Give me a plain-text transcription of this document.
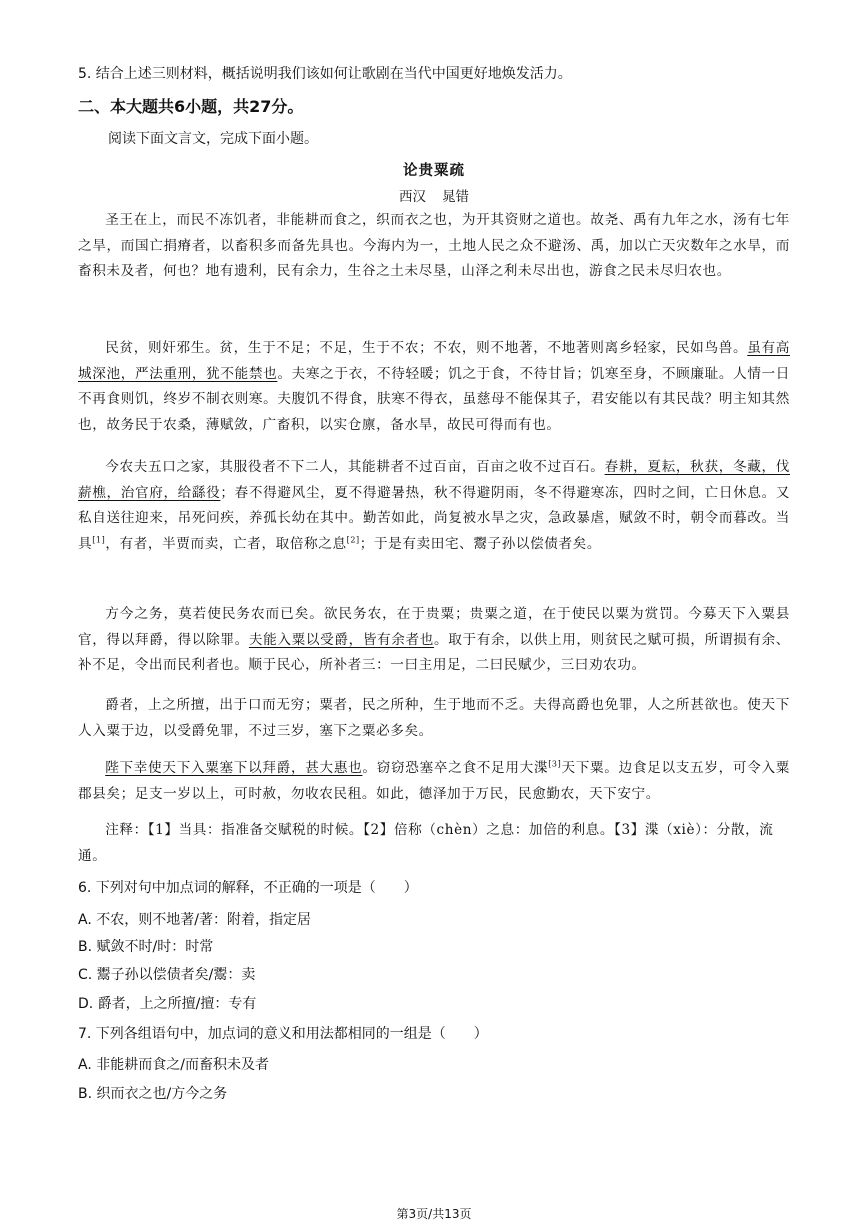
5. 结合上述三则材料，概括说明我们该如何让歌剧在当代中国更好地焕发活力。

二、本大题共6小题，共27分。

阅读下面文言文，完成下面小题。

论贵粟疏

西汉 晁错

圣王在上，而民不冻饥者，非能耕而食之，织而衣之也，为开其资财之道也。故尧、禹有九年之水，汤有七年之旱，而国亡捐瘠者，以畜积多而备先具也。今海内为一，土地人民之众不避汤、禹，加以亡天灾数年之水旱，而畜积未及者，何也？地有遗利，民有余力，生谷之土未尽垦，山泽之利未尽出也，游食之民未尽归农也。

民贫，则奸邪生。贫，生于不足；不足，生于不农；不农，则不地著，不地著则离乡轻家，民如鸟兽。虽有高城深池，严法重刑，犹不能禁也。夫寒之于衣，不待轻暖；饥之于食，不待甘旨；饥寒至身，不顾廉耻。人情一日不再食则饥，终岁不制衣则寒。夫腹饥不得食，肤寒不得衣，虽慈母不能保其子，君安能以有其民哉？明主知其然也，故务民于农桑，薄赋敛，广畜积，以实仓廪，备水旱，故民可得而有也。

今农夫五口之家，其服役者不下二人，其能耕者不过百亩，百亩之收不过百石。春耕，夏耘，秋获，冬藏，伐薪樵，治官府，给繇役；春不得避风尘，夏不得避暑热，秋不得避阴雨，冬不得避寒冻，四时之间，亡日休息。又私自送往迎来，吊死问疾，养孤长幼在其中。勤苦如此，尚复被水旱之灾，急政暴虐，赋敛不时，朝令而暮改。当具[1]，有者，半贾而卖，亡者，取倍称之息[2]；于是有卖田宅、鬻子孙以偿债者矣。

方今之务，莫若使民务农而已矣。欲民务农，在于贵粟；贵粟之道，在于使民以粟为赏罚。今募天下入粟县官，得以拜爵，得以除罪。夫能入粟以受爵，皆有余者也。取于有余，以供上用，则贫民之赋可损，所谓损有余、补不足，令出而民利者也。顺于民心，所补者三：一曰主用足，二曰民赋少，三曰劝农功。

爵者，上之所擅，出于口而无穷；粟者，民之所种，生于地而不乏。夫得高爵也免罪，人之所甚欲也。使天下人入粟于边，以受爵免罪，不过三岁，塞下之粟必多矣。

陛下幸使天下入粟塞下以拜爵，甚大惠也。窃窃恐塞卒之食不足用大渫[3]天下粟。边食足以支五岁，可令入粟郡县矣；足支一岁以上，可时赦，勿收农民租。如此，德泽加于万民，民愈勤农，天下安宁。

注释：【1】当具：指准备交赋税的时候。【2】倍称（chèn）之息：加倍的利息。【3】渫（xiè）：分散，流通。

6. 下列对句中加点词的解释，不正确的一项是（　　）

A. 不农，则不地著/著：附着，指定居

B. 赋敛不时/时：时常

C. 鬻子孙以偿债者矣/鬻：卖

D. 爵者，上之所擅/擅：专有

7. 下列各组语句中，加点词的意义和用法都相同的一组是（　　）

A. 非能耕而食之/而畜积未及者

B. 织而衣之也/方今之务

第3页/共13页
